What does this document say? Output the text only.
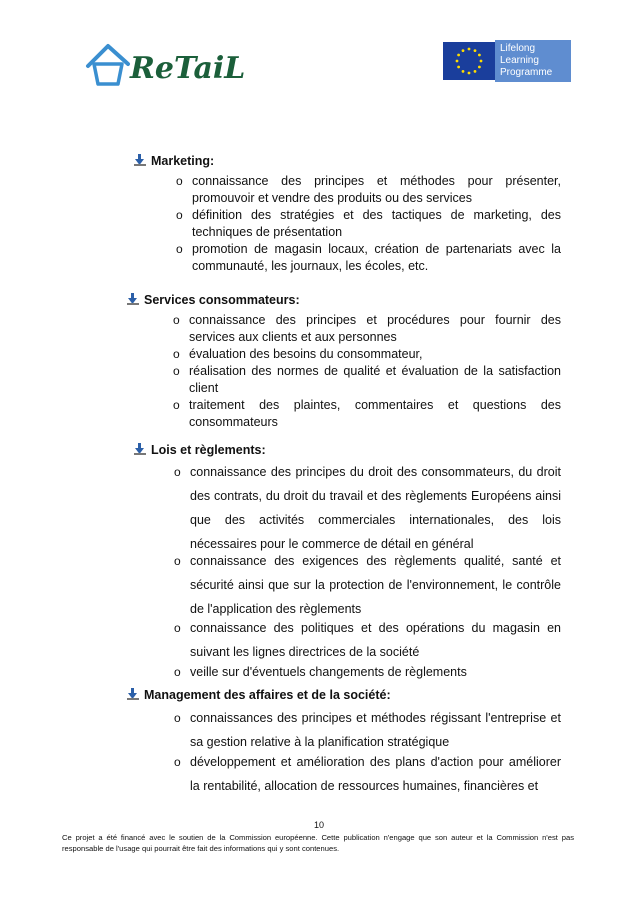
ReTaiL
Lifelong
Learning
Programme
Marketing:
o connaissance des principes et méthodes pour présenter, promouvoir et vendre des produits ou des services
o définition des stratégies et des tactiques de marketing, des techniques de présentation
o promotion de magasin locaux, création de partenariats avec la communauté, les journaux, les écoles, etc.
Services consommateurs:
o connaissance des principes et procédures pour fournir des services aux clients et aux personnes
o évaluation des besoins du consommateur,
o réalisation des normes de qualité et évaluation de la satisfaction client
o traitement des plaintes, commentaires et questions des consommateurs
Lois et règlements:
o connaissance des principes du droit des consommateurs, du droit des contrats, du droit du travail et des règlements Européens ainsi que des activités commerciales internationales, des lois nécessaires pour le commerce de détail en général
o connaissance des exigences des règlements qualité, santé et sécurité ainsi que sur la protection de l'environnement, le contrôle de l'application des règlements
o connaissance des politiques et des opérations du magasin en suivant les lignes directrices de la société
o veille sur d'éventuels changements de règlements
Management des affaires et de la société:
o connaissances des principes et méthodes régissant l'entreprise et sa gestion relative à la planification stratégique
o développement et amélioration des plans d'action pour améliorer la rentabilité, allocation de ressources humaines, financières et
10
Ce projet a été financé avec le soutien de la Commission européenne. Cette publication n'engage que son auteur et la Commission n'est pas responsable de l'usage qui pourrait être fait des informations qui y sont contenues.
